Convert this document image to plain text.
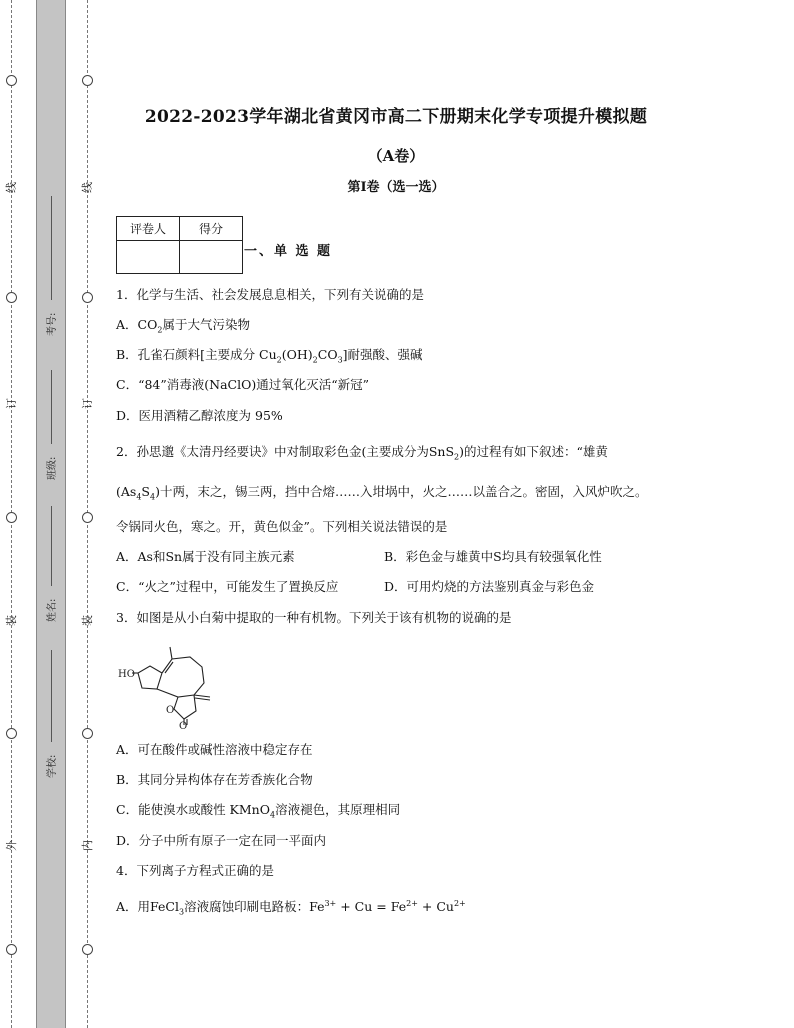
线
订
装
外
线
订
装
内
考号:
班级:
姓名:
学校:
2022-2023学年湖北省黄冈市高二下册期末化学专项提升模拟题
（A卷）
第I卷（选一选）
评卷人	得分

一、单 选 题
1．化学与生活、社会发展息息相关，下列有关说确的是
A．$CO_2$属于大气污染物
B．孔雀石颜料[主要成分 $Cu_2(OH)_2CO_3$]耐强酸、强碱
C．“84”消毒液(NaClO)通过氧化灭活“新冠”
D．医用酒精乙醇浓度为 95%
2．孙思邈《太清丹经要诀》中对制取彩色金(主要成分为SnS$_2$)的过程有如下叙述：“雄黄
$(As_4S_4)$十两，末之，锡三两，挡中合熔……入坩埚中，火之……以盖合之。密固，入风炉吹之。
令锅同火色，寒之。开，黄色似金”。下列相关说法错误的是
A．As和Sn属于没有同主族元素	B．彩色金与雄黄中S均具有较强氧化性
C．“火之”过程中，可能发生了置换反应	D．可用灼烧的方法鉴别真金与彩色金
3．如图是从小白菊中提取的一种有机物。下列关于该有机物的说确的是
HO
O
O
A．可在酸件或碱性溶液中稳定存在
B．其同分异构体存在芳香族化合物
C．能使溴水或酸性 KMnO$_4$溶液褪色，其原理相同
D．分子中所有原子一定在同一平面内
4．下列离子方程式正确的是
A．用FeCl$_3$溶液腐蚀印刷电路板：$Fe^{3+} + Cu = Fe^{2+} + Cu^{2+}$
